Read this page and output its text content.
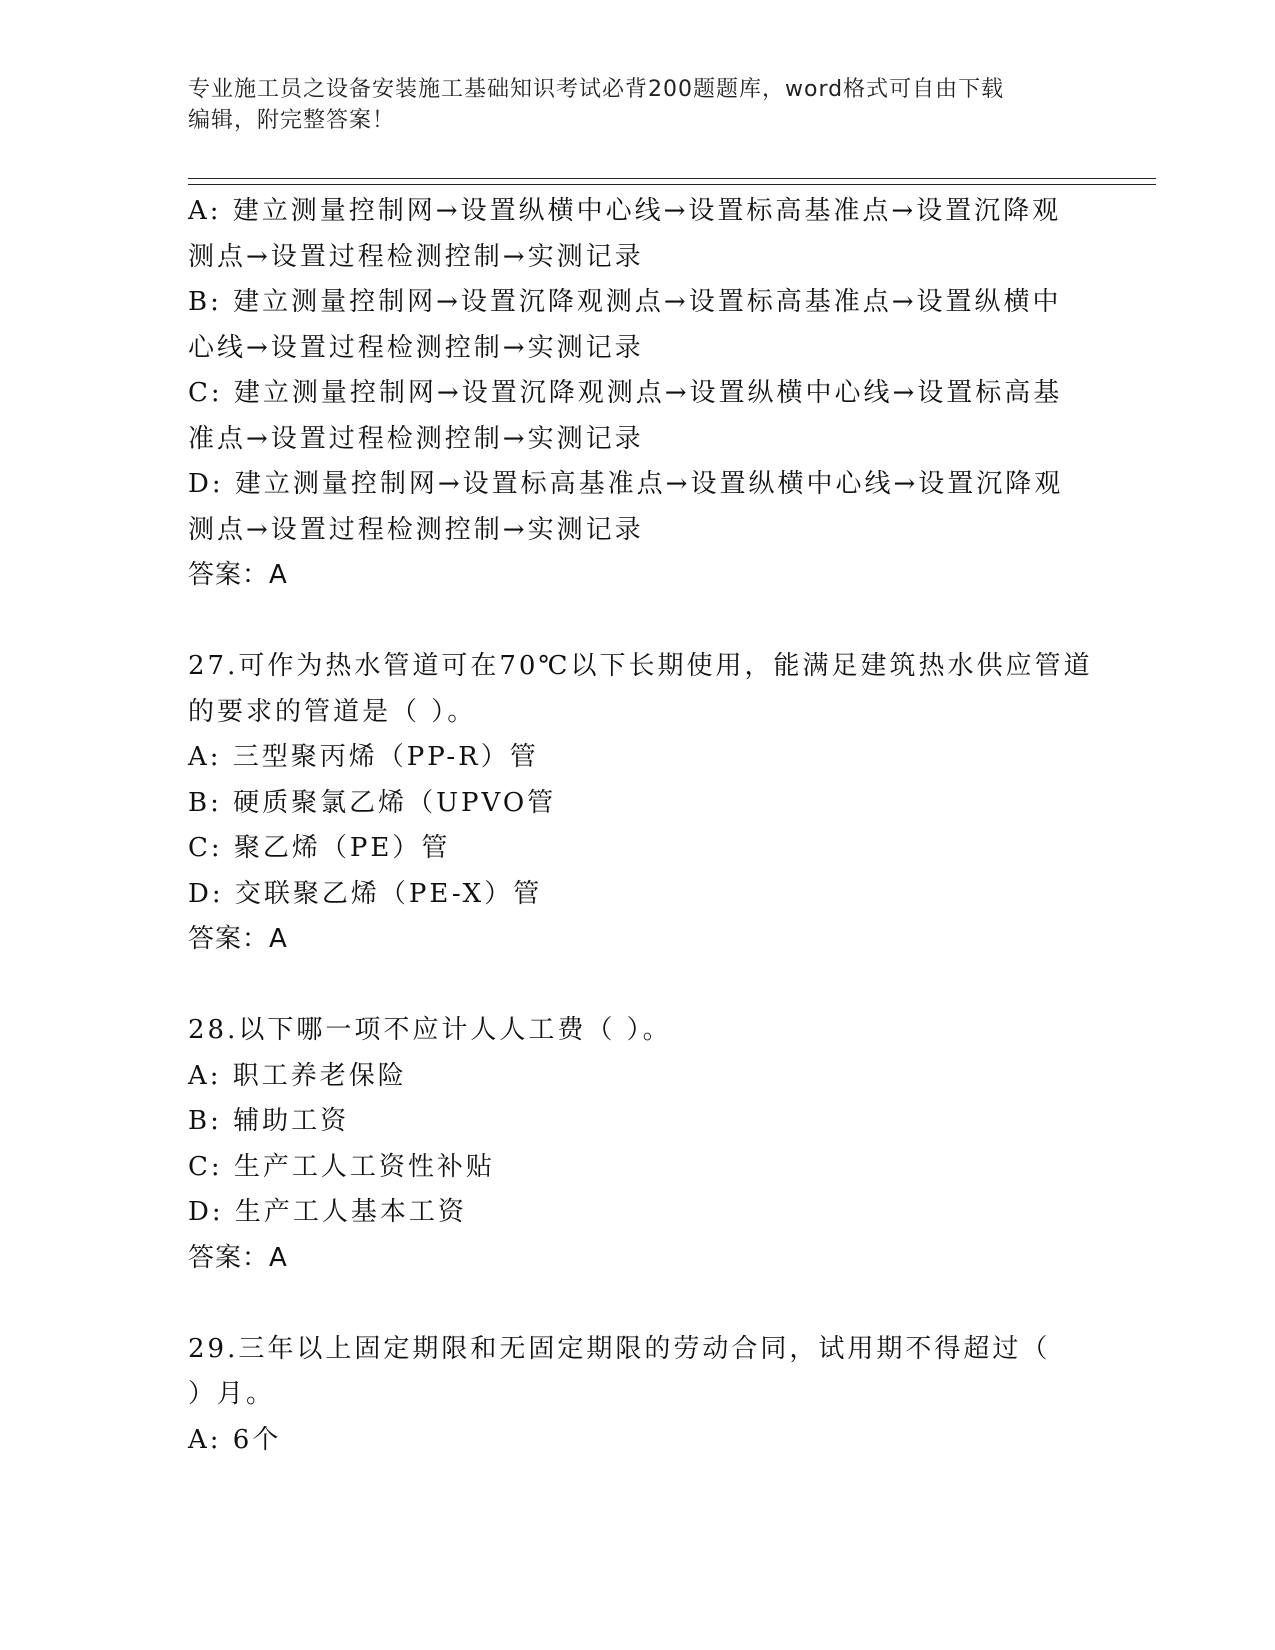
专业施工员之设备安装施工基础知识考试必背200题题库，word格式可自由下载
编辑，附完整答案！
A: 建立测量控制网→设置纵横中心线→设置标高基准点→设置沉降观
测点→设置过程检测控制→实测记录
B: 建立测量控制网→设置沉降观测点→设置标高基准点→设置纵横中
心线→设置过程检测控制→实测记录
C: 建立测量控制网→设置沉降观测点→设置纵横中心线→设置标高基
准点→设置过程检测控制→实测记录
D: 建立测量控制网→设置标高基准点→设置纵横中心线→设置沉降观
测点→设置过程检测控制→实测记录
答案：A
27.可作为热水管道可在70℃以下长期使用，能满足建筑热水供应管道
的要求的管道是（ ）。
A: 三型聚丙烯（PP-R）管
B: 硬质聚氯乙烯（UPVO管
C: 聚乙烯（PE）管
D: 交联聚乙烯（PE-X）管
答案：A
28.以下哪一项不应计人人工费（ ）。
A: 职工养老保险
B: 辅助工资
C: 生产工人工资性补贴
D: 生产工人基本工资
答案：A
29.三年以上固定期限和无固定期限的劳动合同，试用期不得超过（
）月。
A: 6个
